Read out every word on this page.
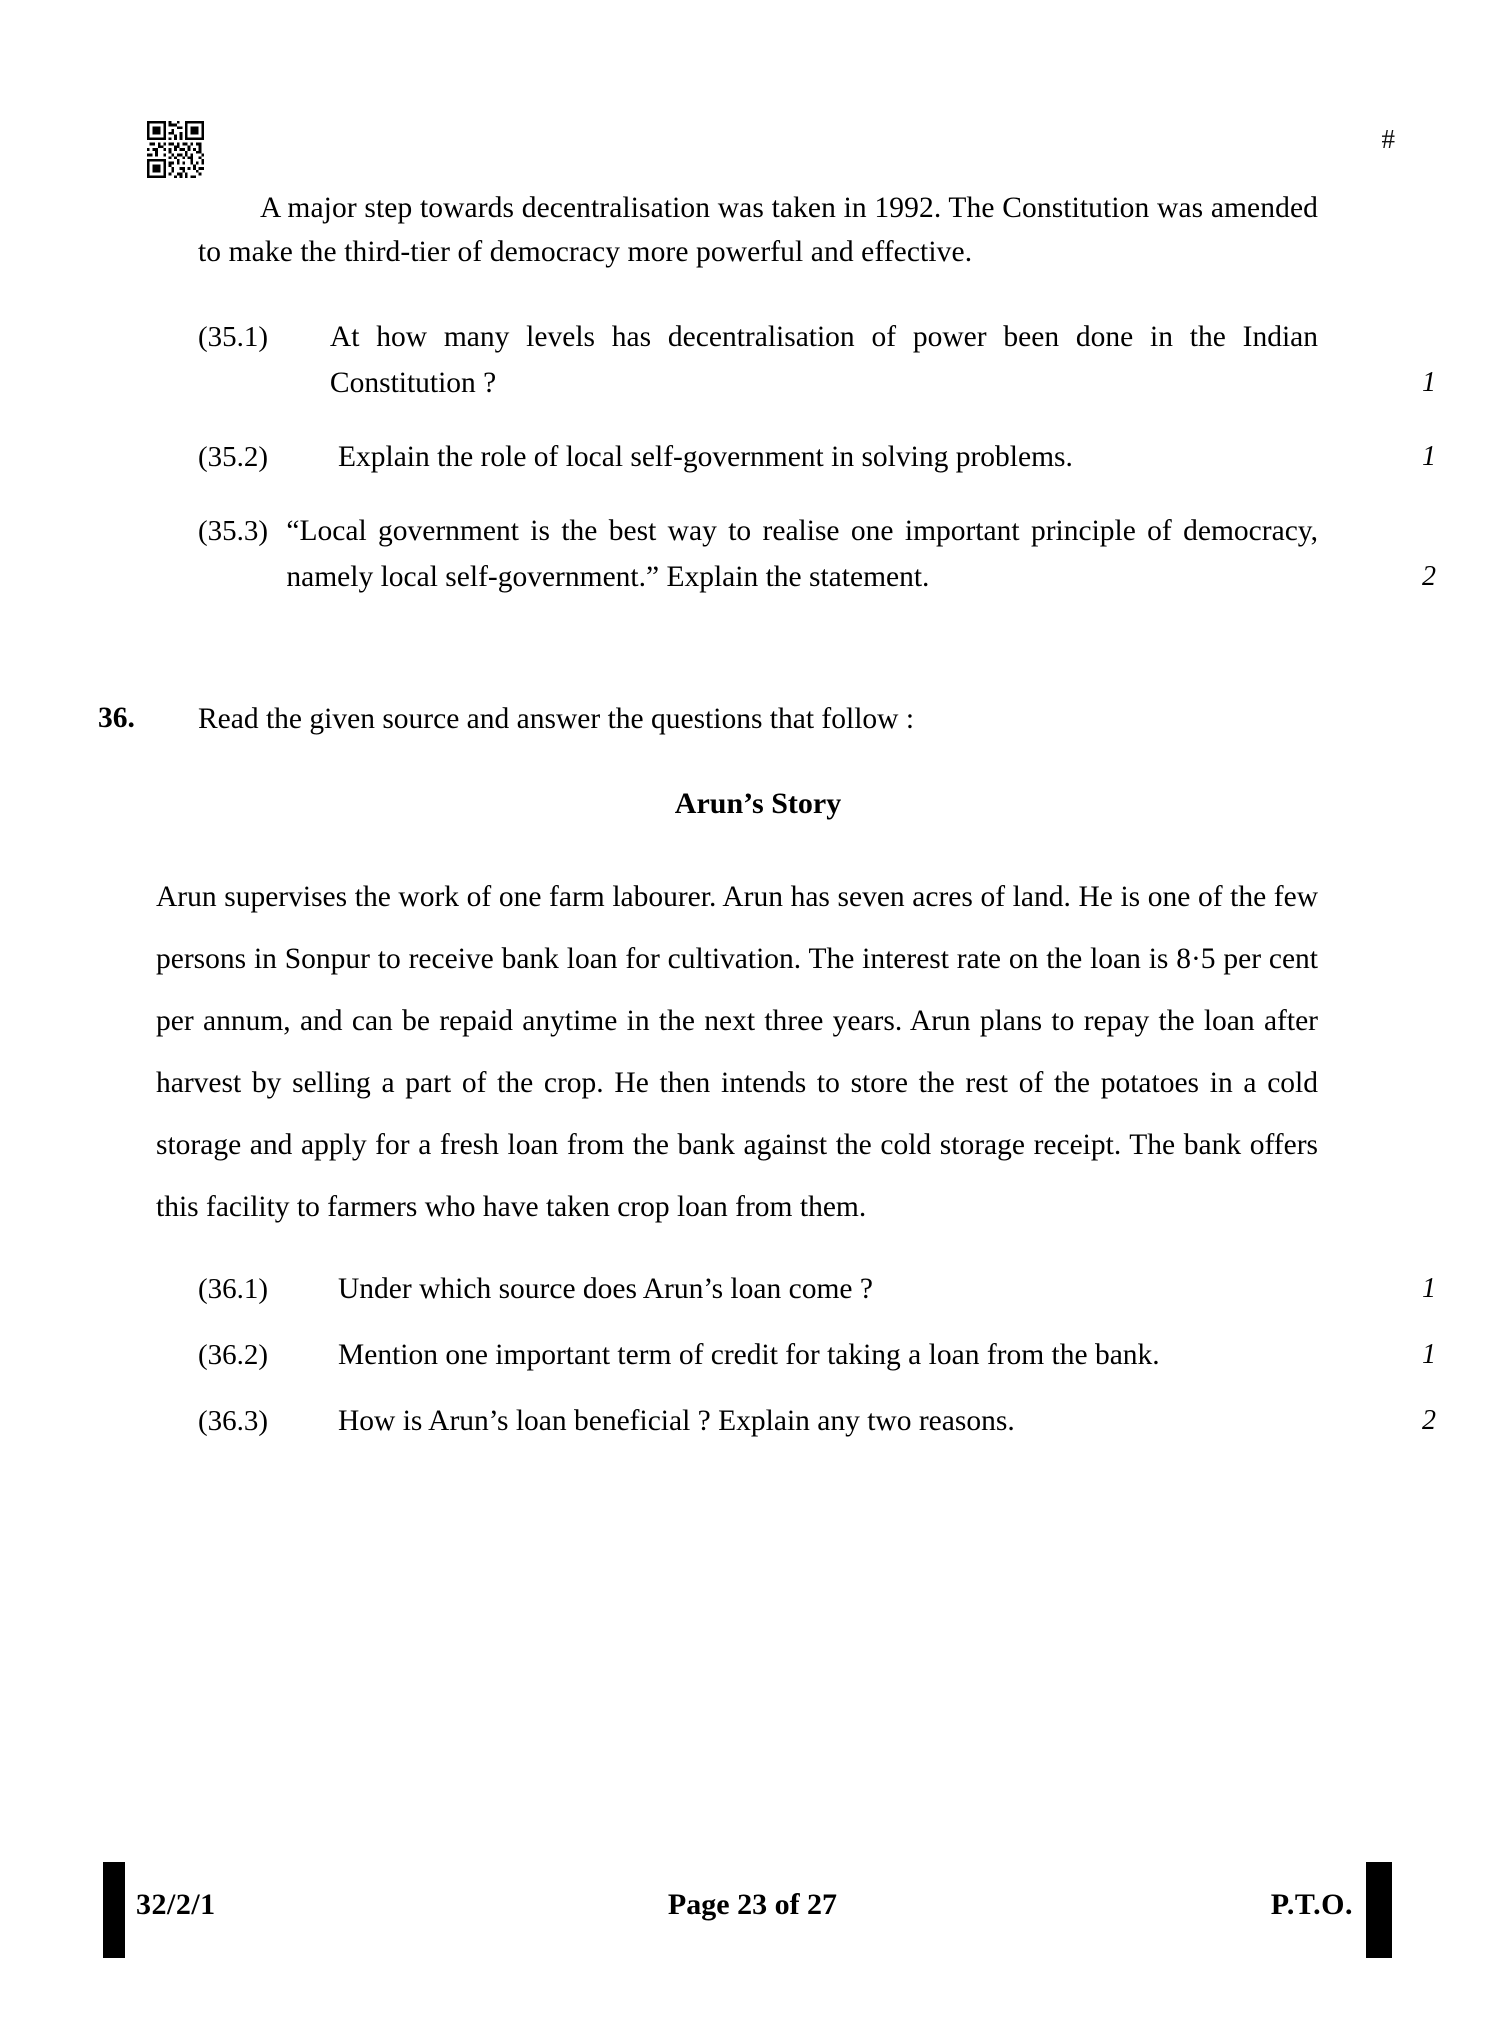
#

A major step towards decentralisation was taken in 1992. The Constitution was amended to make the third-tier of democracy more powerful and effective.

(35.1)	At how many levels has decentralisation of power been done in the Indian Constitution ?	1
(35.2)	Explain the role of local self-government in solving problems.	1
(35.3) “Local government is the best way to realise one important principle of democracy, namely local self-government.” Explain the statement.	2
36.	Read the given source and answer the questions that follow :
Arun’s Story

Arun supervises the work of one farm labourer. Arun has seven acres of land. He is one of the few persons in Sonpur to receive bank loan for cultivation. The interest rate on the loan is 8·5 per cent per annum, and can be repaid anytime in the next three years. Arun plans to repay the loan after harvest by selling a part of the crop. He then intends to store the rest of the potatoes in a cold storage and apply for a fresh loan from the bank against the cold storage receipt. The bank offers this facility to farmers who have taken crop loan from them.

(36.1)	Under which source does Arun’s loan come ?	1
(36.2)	Mention one important term of credit for taking a loan from the bank.	1
(36.3)	How is Arun’s loan beneficial ? Explain any two reasons.	2
32/2/1	Page 23 of 27	P.T.O.
